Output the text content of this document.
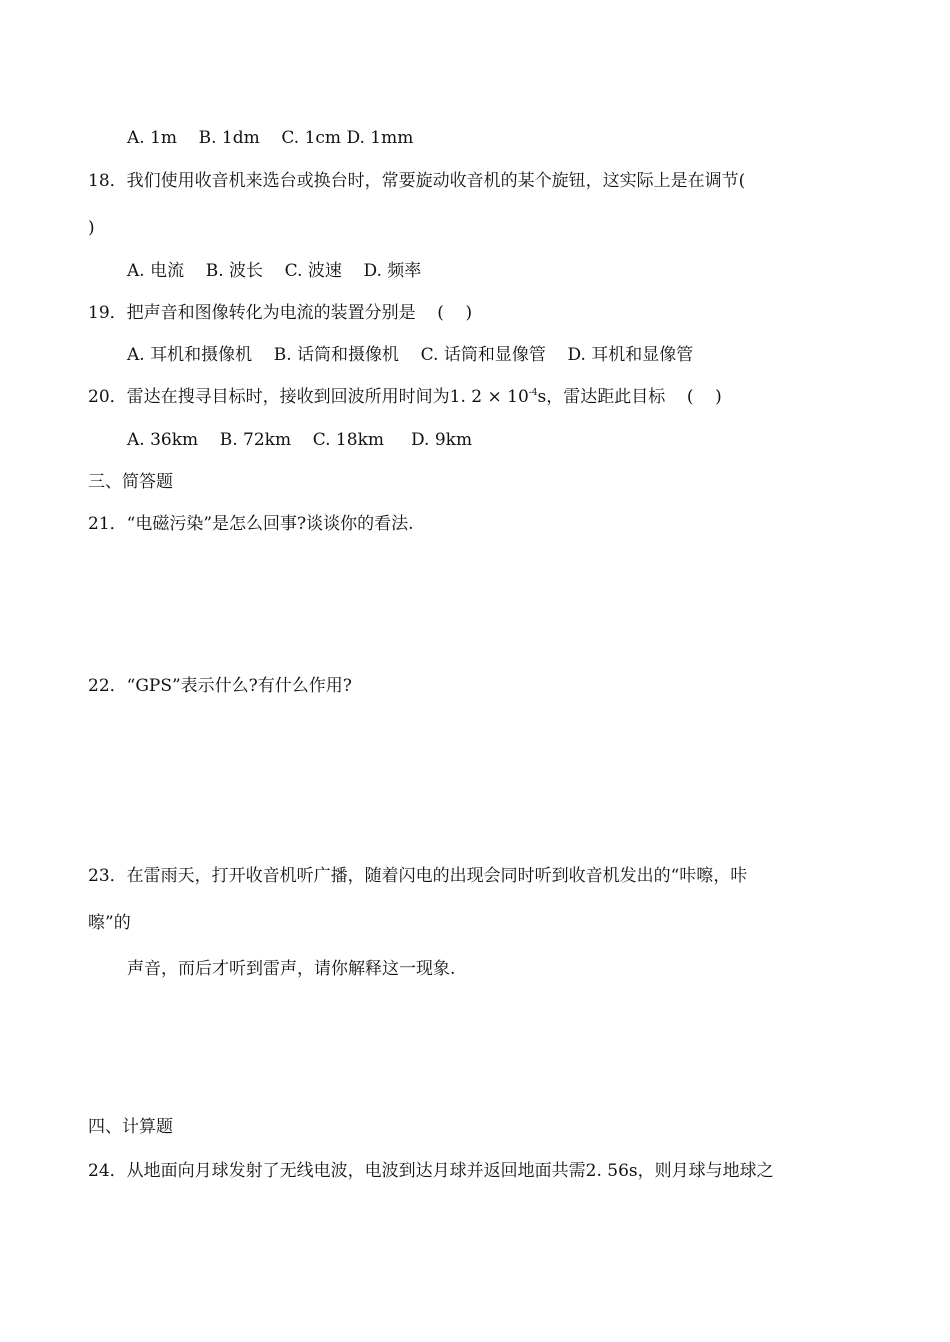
A. 1m    B. 1dm    C. 1cm D. 1mm
18．我们使用收音机来选台或换台时，常要旋动收音机的某个旋钮，这实际上是在调节(
)
A. 电流    B. 波长    C. 波速    D. 频率
19．把声音和图像转化为电流的装置分别是    (    )
A. 耳机和摄像机    B. 话筒和摄像机    C. 话筒和显像管    D. 耳机和显像管
20．雷达在搜寻目标时，接收到回波所用时间为1. $2 \times 10^{-4}s$，雷达距此目标    (    )
A. 36km    B. 72km    C. 18km     D. 9km
三、简答题
21．“电磁污染”是怎么回事?谈谈你的看法.
22．“GPS”表示什么?有什么作用?
23．在雷雨天，打开收音机听广播，随着闪电的出现会同时听到收音机发出的“咔嚓，咔
嚓”的
声音，而后才听到雷声，请你解释这一现象.
四、计算题
24．从地面向月球发射了无线电波，电波到达月球并返回地面共需2. 56s，则月球与地球之
